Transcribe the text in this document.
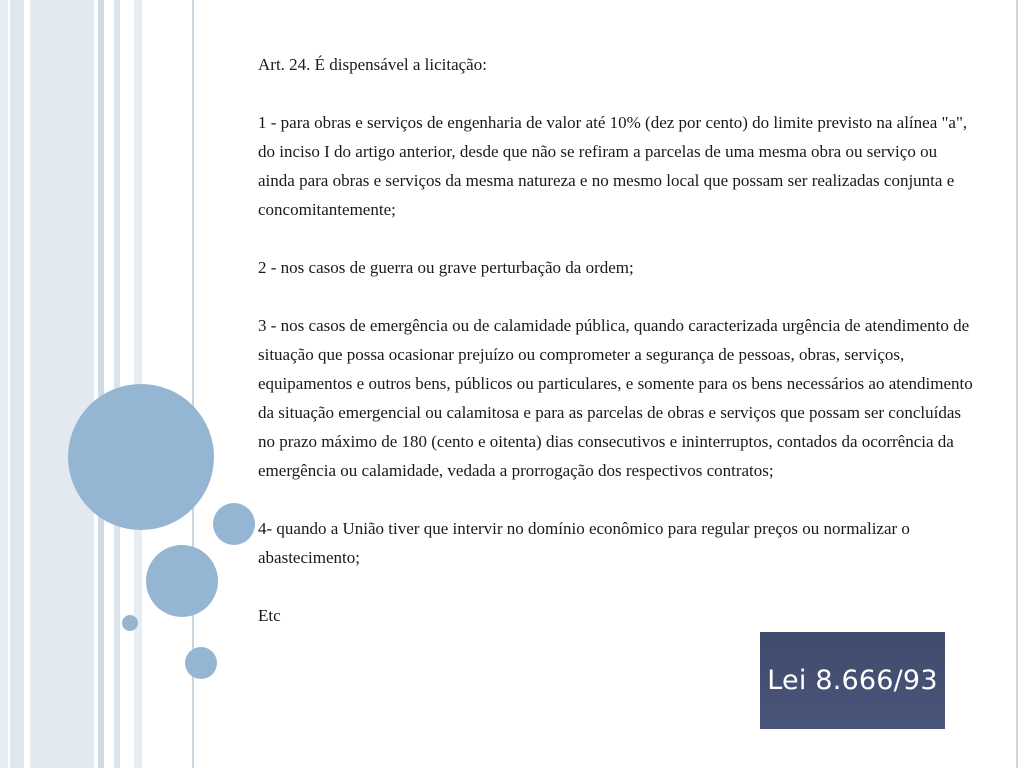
Art. 24. É dispensável a licitação:

1 - para obras e serviços de engenharia de valor até 10% (dez por cento) do limite previsto na alínea "a", do inciso I do artigo anterior, desde que não se refiram a parcelas de uma mesma obra ou serviço ou ainda para obras e serviços da mesma natureza e no mesmo local que possam ser realizadas conjunta e concomitantemente;

2 - nos casos de guerra ou grave perturbação da ordem;

3 - nos casos de emergência ou de calamidade pública, quando caracterizada urgência de atendimento de situação que possa ocasionar prejuízo ou comprometer a segurança de pessoas, obras, serviços, equipamentos e outros bens, públicos ou particulares, e somente para os bens necessários ao atendimento da situação emergencial ou calamitosa e para as parcelas de obras e serviços que possam ser concluídas no prazo máximo de 180 (cento e oitenta) dias consecutivos e ininterruptos, contados da ocorrência da emergência ou calamidade, vedada a prorrogação dos respectivos contratos;

4- quando a União tiver que intervir no domínio econômico para regular preços ou normalizar o abastecimento;

Etc

Lei 8.666/93
